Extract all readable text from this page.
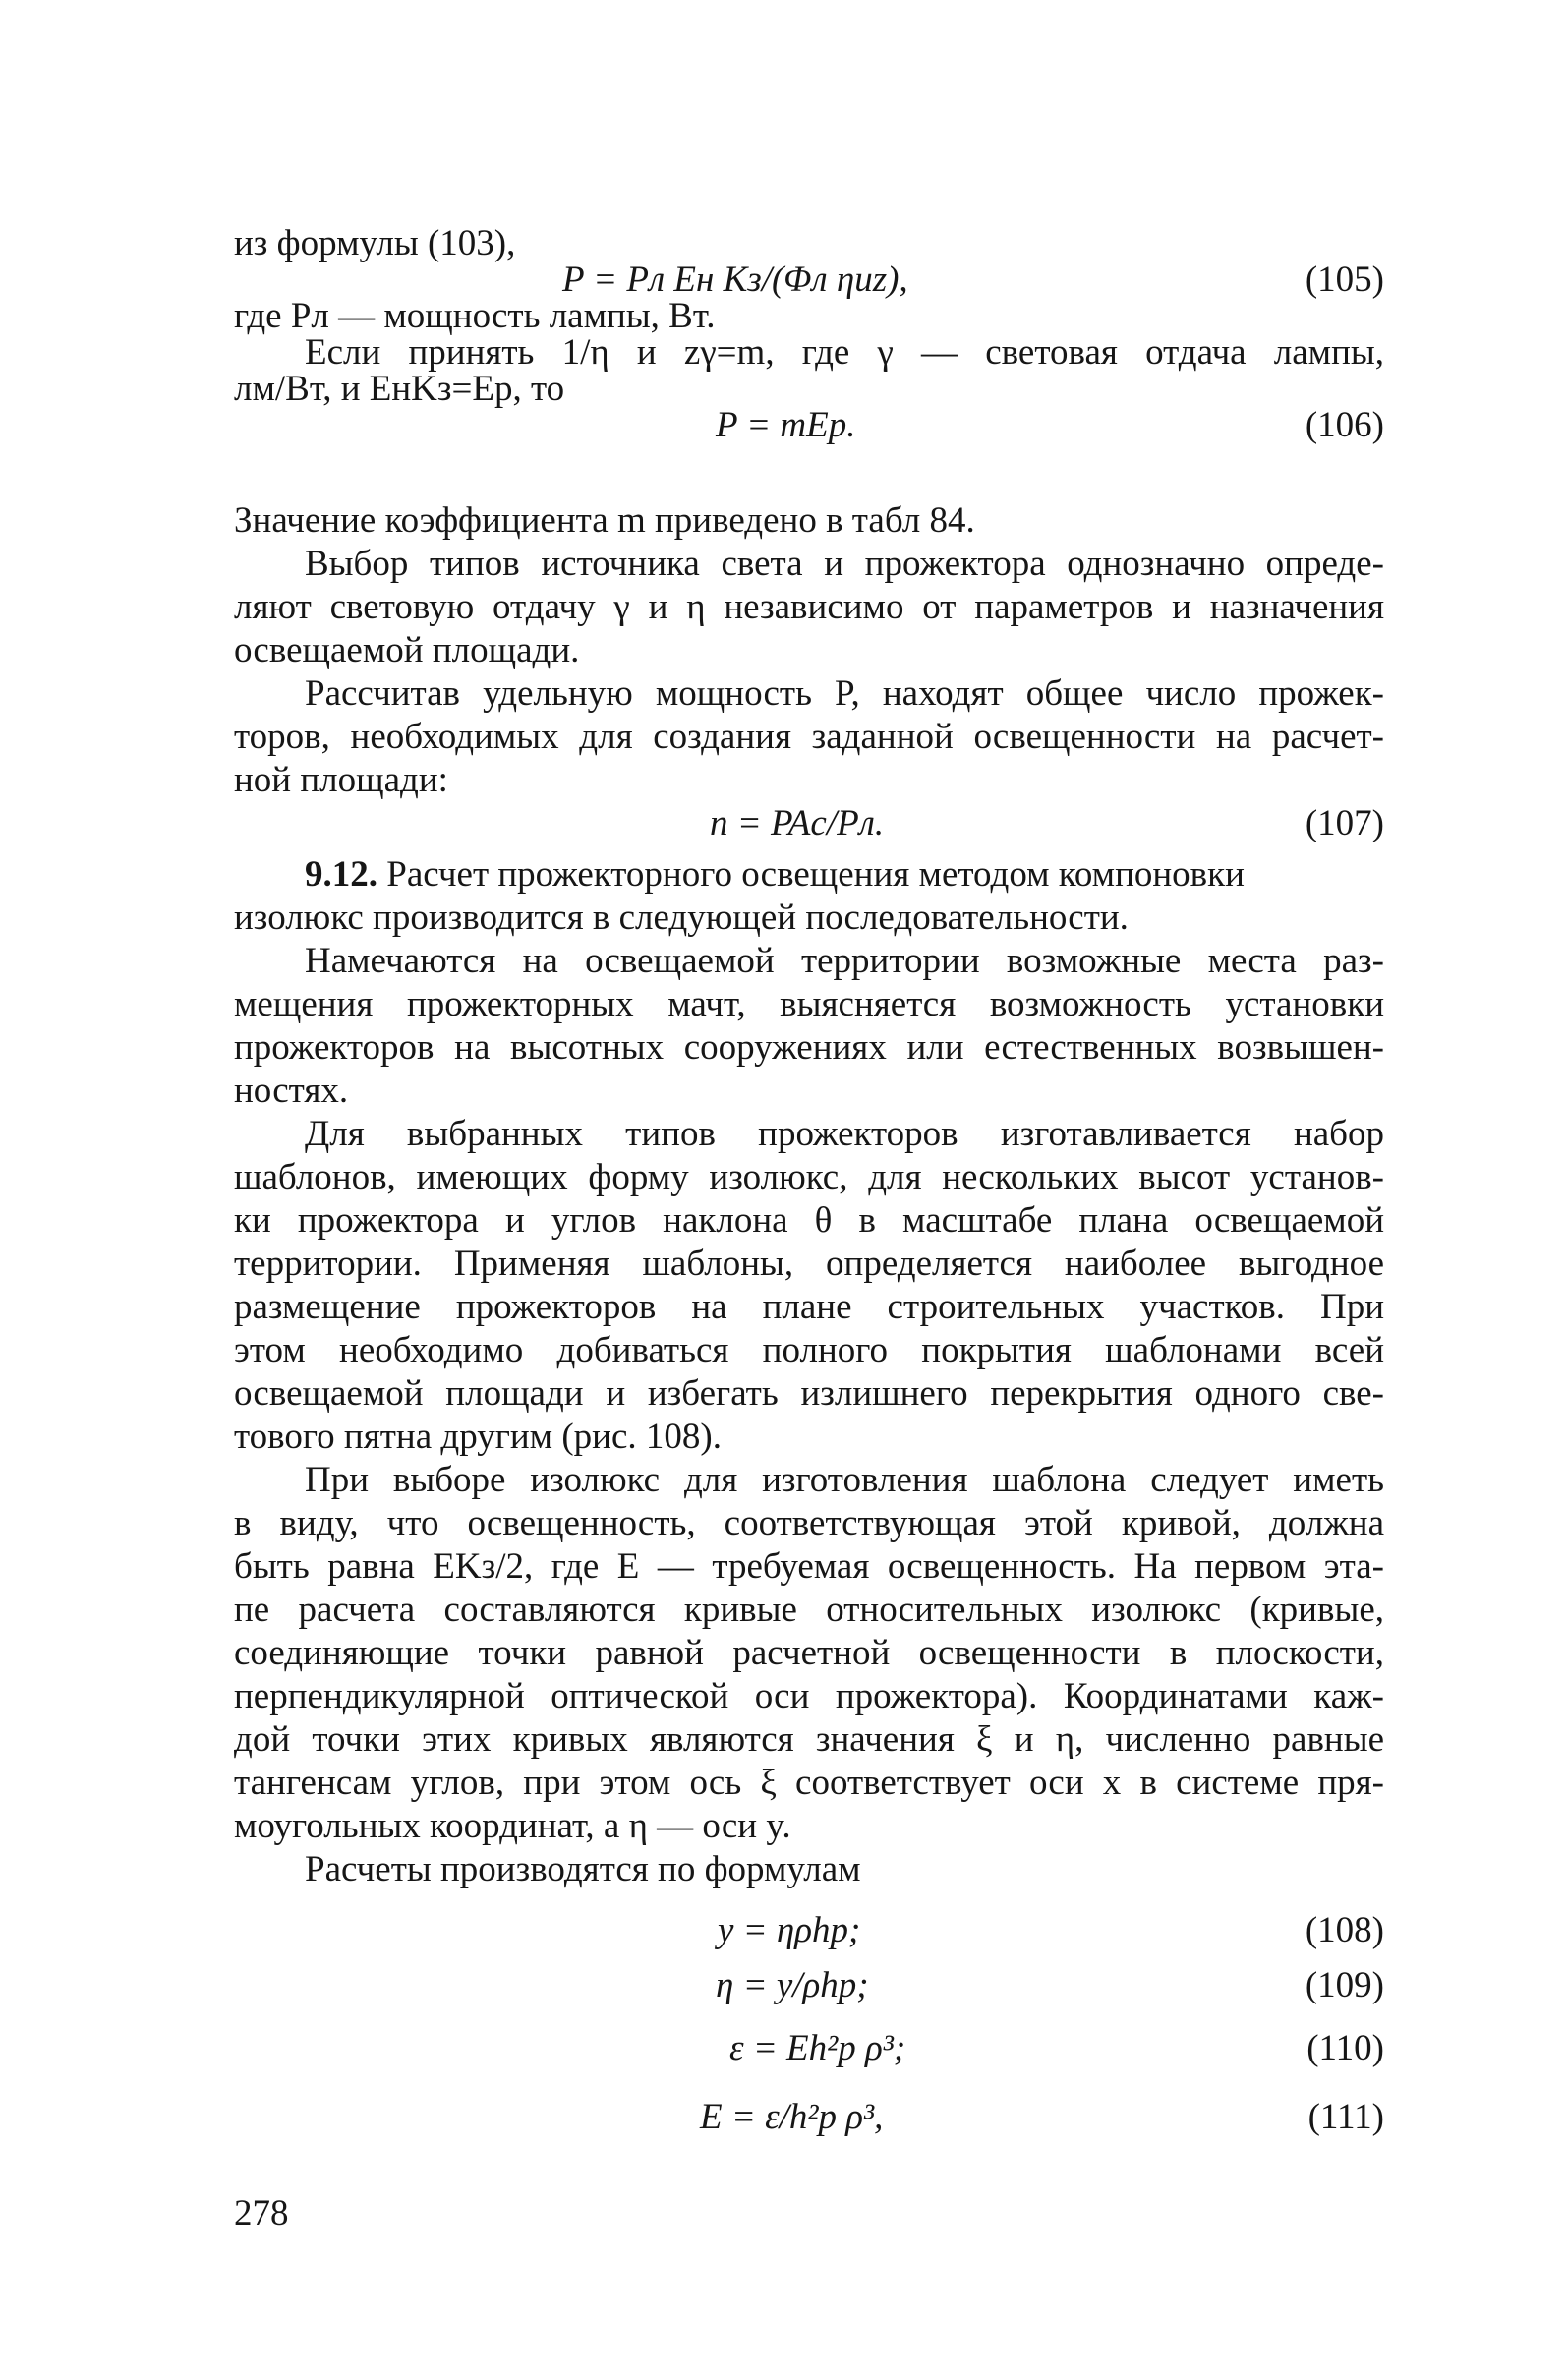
из формулы (103),
P = Pл Eн Kз/(Φл ηиz),	(105)
где Pл — мощность лампы, Вт.
Если принять 1/η и zγ=m, где γ — световая отдача лампы,
лм/Вт, и EнKз=Eр, то
P = mEр.	(106)
Значение коэффициента m приведено в табл 84.
Выбор типов источника света и прожектора однозначно опреде-
ляют световую отдачу γ и η независимо от параметров и назначения
освещаемой площади.
Рассчитав удельную мощность P, находят общее число прожек-
торов, необходимых для создания заданной освещенности на расчет-
ной площади:
n = PAс/Pл.	(107)
9.12. Расчет прожекторного освещения методом компоновки
изолюкс производится в следующей последовательности.
Намечаются на освещаемой территории возможные места раз-
мещения прожекторных мачт, выясняется возможность установки
прожекторов на высотных сооружениях или естественных возвышен-
ностях.
Для выбранных типов прожекторов изготавливается набор
шаблонов, имеющих форму изолюкс, для нескольких высот установ-
ки прожектора и углов наклона θ в масштабе плана освещаемой
территории. Применяя шаблоны, определяется наиболее выгодное
размещение прожекторов на плане строительных участков. При
этом необходимо добиваться полного покрытия шаблонами всей
освещаемой площади и избегать излишнего перекрытия одного све-
тового пятна другим (рис. 108).
При выборе изолюкс для изготовления шаблона следует иметь
в виду, что освещенность, соответствующая этой кривой, должна
быть равна EKз/2, где E — требуемая освещенность. На первом эта-
пе расчета составляются кривые относительных изолюкс (кривые,
соединяющие точки равной расчетной освещенности в плоскости,
перпендикулярной оптической оси прожектора). Координатами каж-
дой точки этих кривых являются значения ξ и η, численно равные
тангенсам углов, при этом ось ξ соответствует оси x в системе пря-
моугольных координат, а η — оси y.
Расчеты производятся по формулам
y = ηρhр;	(108)
η = y/ρhр;	(109)
ε = Eh²р ρ³;	(110)
E = ε/h²р ρ³,	(111)
278
